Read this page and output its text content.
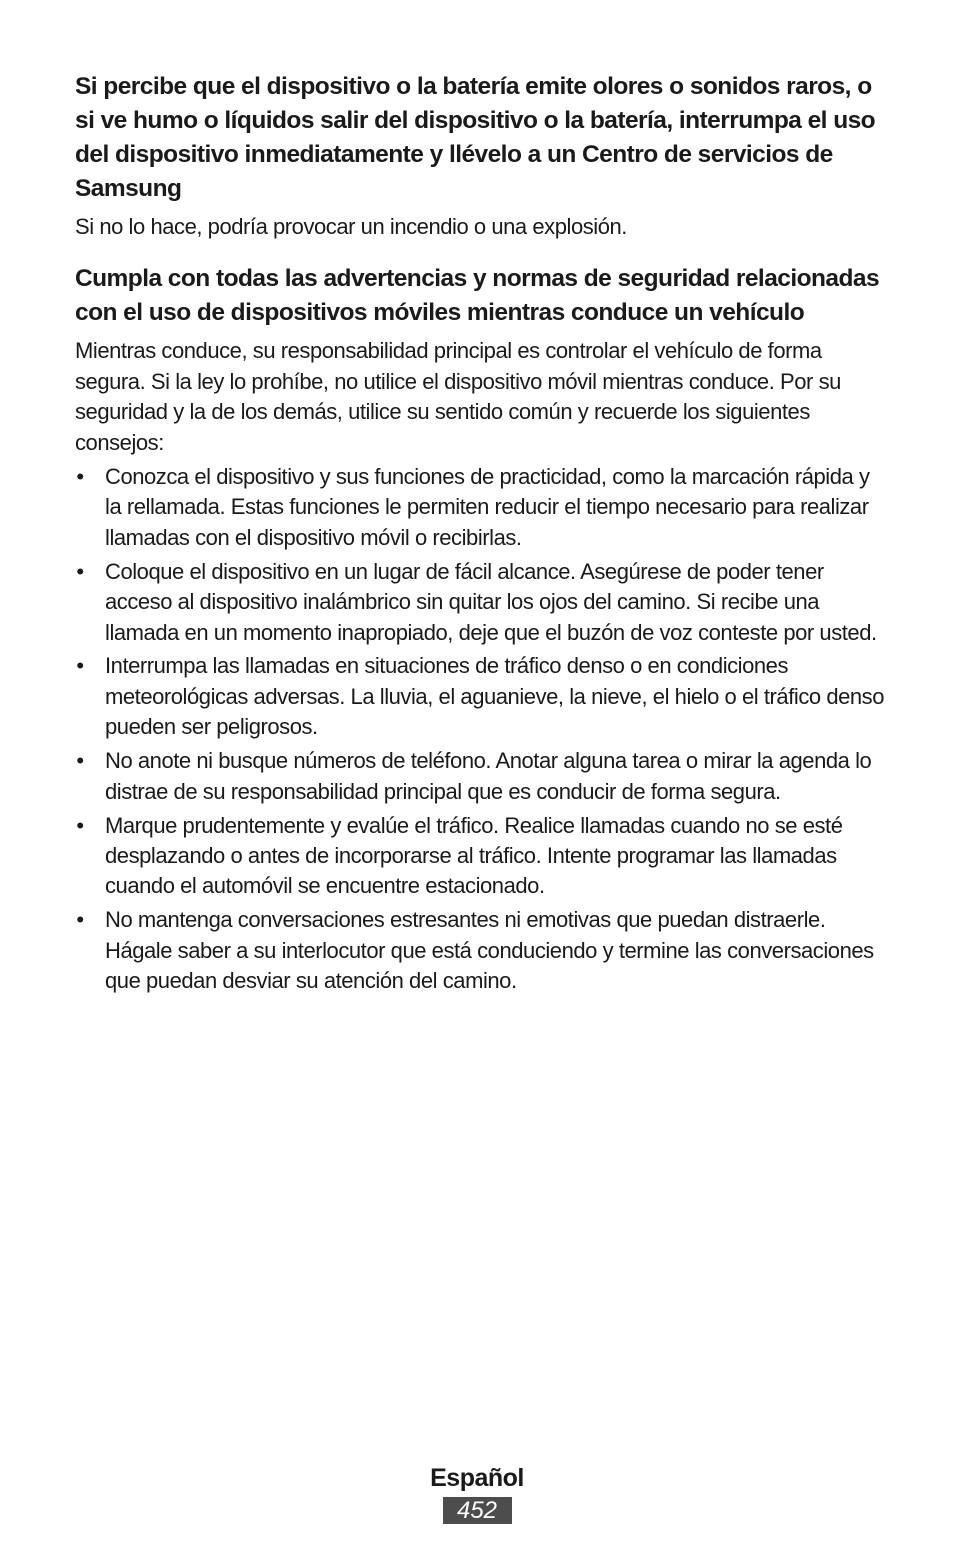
Si percibe que el dispositivo o la batería emite olores o sonidos raros, o si ve humo o líquidos salir del dispositivo o la batería, interrumpa el uso del dispositivo inmediatamente y llévelo a un Centro de servicios de Samsung

Si no lo hace, podría provocar un incendio o una explosión.

Cumpla con todas las advertencias y normas de seguridad relacionadas con el uso de dispositivos móviles mientras conduce un vehículo

Mientras conduce, su responsabilidad principal es controlar el vehículo de forma segura. Si la ley lo prohíbe, no utilice el dispositivo móvil mientras conduce. Por su seguridad y la de los demás, utilice su sentido común y recuerde los siguientes consejos:

• Conozca el dispositivo y sus funciones de practicidad, como la marcación rápida y la rellamada. Estas funciones le permiten reducir el tiempo necesario para realizar llamadas con el dispositivo móvil o recibirlas.
• Coloque el dispositivo en un lugar de fácil alcance. Asegúrese de poder tener acceso al dispositivo inalámbrico sin quitar los ojos del camino. Si recibe una llamada en un momento inapropiado, deje que el buzón de voz conteste por usted.
• Interrumpa las llamadas en situaciones de tráfico denso o en condiciones meteorológicas adversas. La lluvia, el aguanieve, la nieve, el hielo o el tráfico denso pueden ser peligrosos.
• No anote ni busque números de teléfono. Anotar alguna tarea o mirar la agenda lo distrae de su responsabilidad principal que es conducir de forma segura.
• Marque prudentemente y evalúe el tráfico. Realice llamadas cuando no se esté desplazando o antes de incorporarse al tráfico. Intente programar las llamadas cuando el automóvil se encuentre estacionado.
• No mantenga conversaciones estresantes ni emotivas que puedan distraerle. Hágale saber a su interlocutor que está conduciendo y termine las conversaciones que puedan desviar su atención del camino.
Español
452
